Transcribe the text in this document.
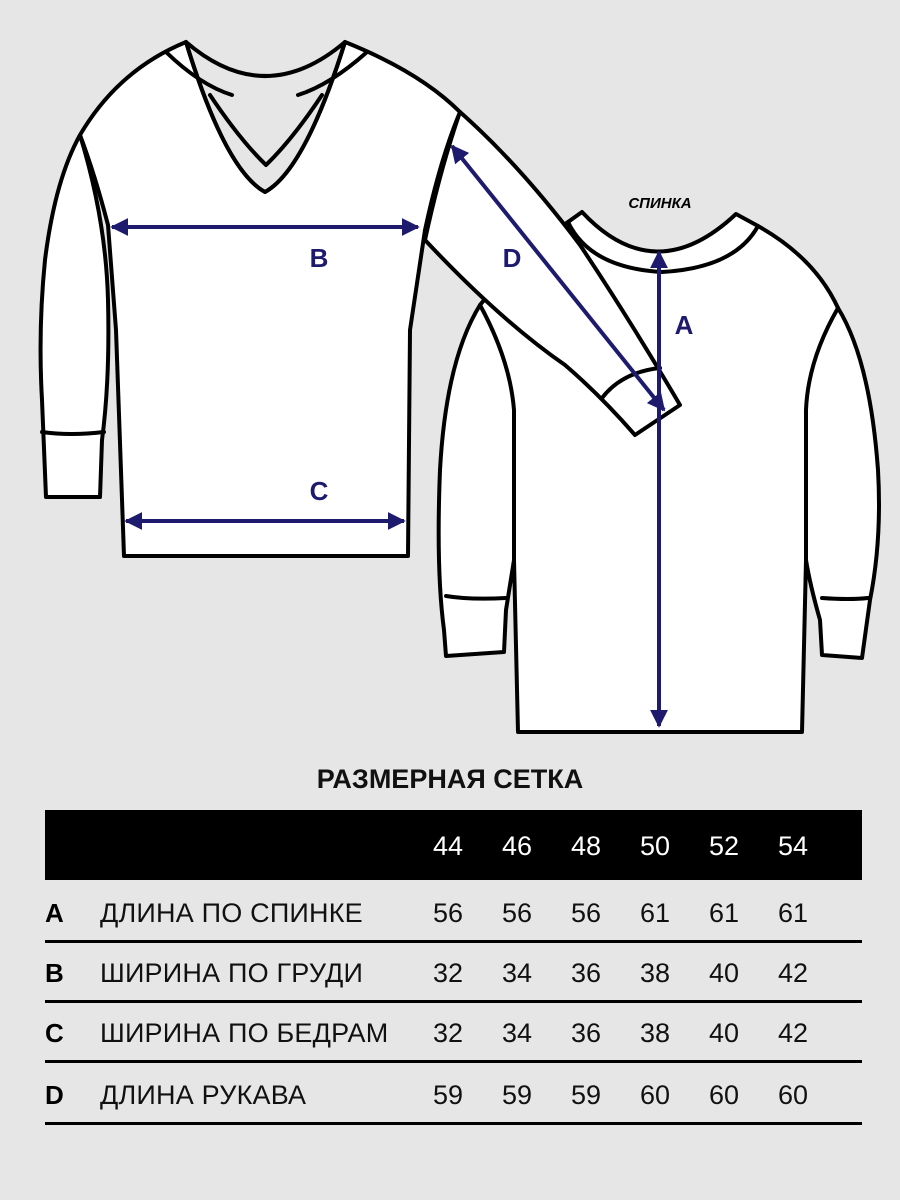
СПИНКА
B
C
D
A
РАЗМЕРНАЯ СЕТКА
44	46	48	50	52	54
A ДЛИНА ПО СПИНКЕ	56	56	56	61	61	61
B ШИРИНА ПО ГРУДИ	32	34	36	38	40	42
C ШИРИНА ПО БЕДРАМ	32	34	36	38	40	42
D ДЛИНА РУКАВА	59	59	59	60	60	60
